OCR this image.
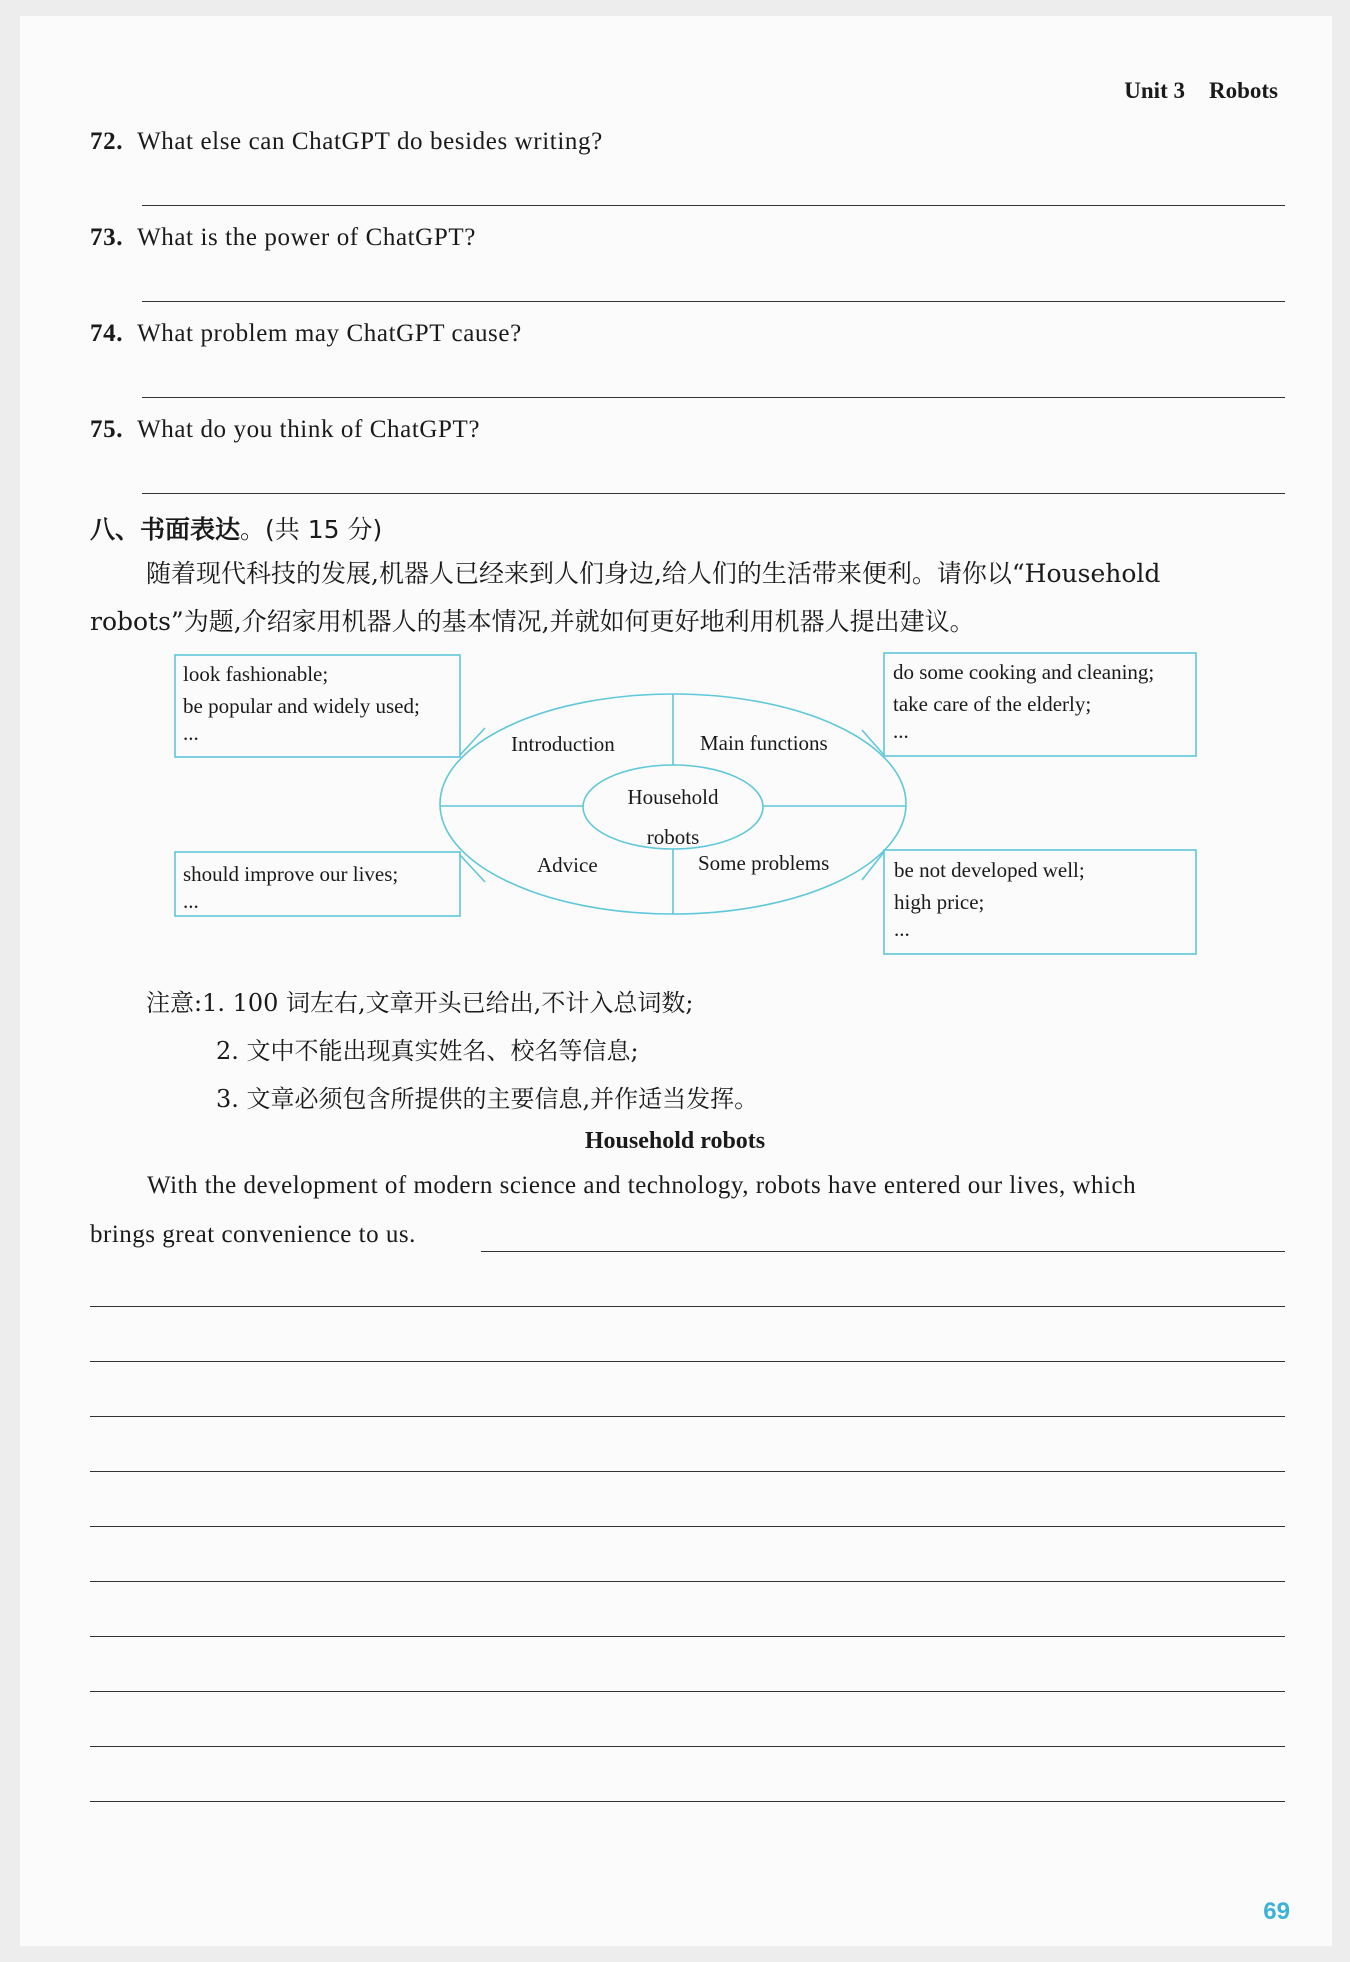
Unit 3 Robots
72. What else can ChatGPT do besides writing?
73. What is the power of ChatGPT?
74. What problem may ChatGPT cause?
75. What do you think of ChatGPT?
八、书面表达。(共 15 分)
随着现代科技的发展,机器人已经来到人们身边,给人们的生活带来便利。请你以“Household
robots”为题,介绍家用机器人的基本情况,并就如何更好地利用机器人提出建议。
look fashionable;
be popular and widely used;
...
do some cooking and cleaning;
take care of the elderly;
...
should improve our lives;
...
be not developed well;
high price;
...
Introduction	Main functions
Advice	Some problems
Household
robots
注意:1. 100 词左右,文章开头已给出,不计入总词数;
2. 文中不能出现真实姓名、校名等信息;
3. 文章必须包含所提供的主要信息,并作适当发挥。
Household robots
With the development of modern science and technology, robots have entered our lives, which
brings great convenience to us.
69
